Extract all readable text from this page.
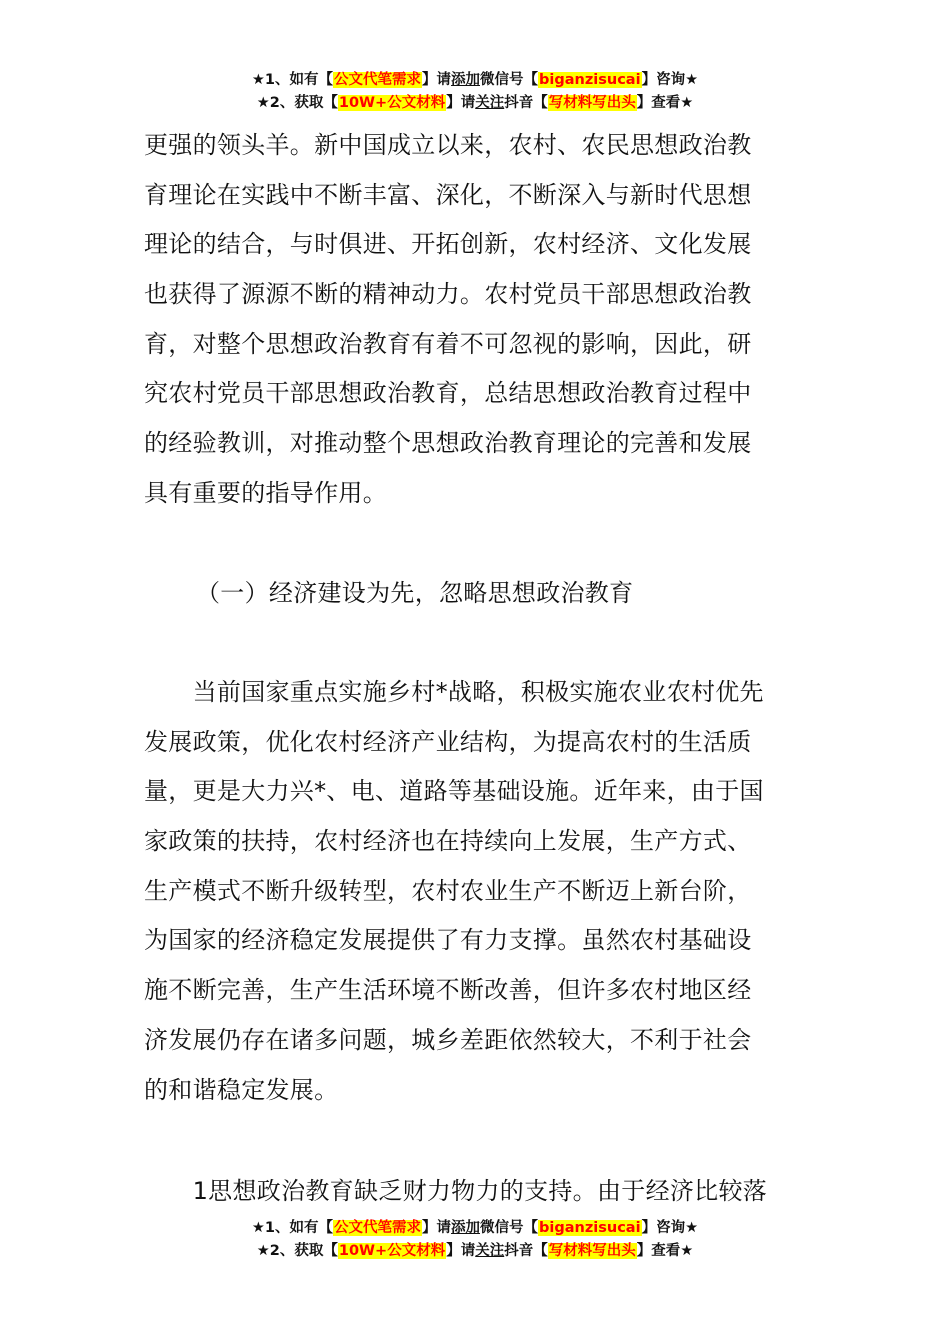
★1、如有【公文代笔需求】请添加微信号【biganzisucai】咨询★
★2、获取【10W+公文材料】请关注抖音【写材料写出头】查看★
更强的领头羊。新中国成立以来，农村、农民思想政治教
育理论在实践中不断丰富、深化，不断深入与新时代思想
理论的结合，与时俱进、开拓创新，农村经济、文化发展
也获得了源源不断的精神动力。农村党员干部思想政治教
育，对整个思想政治教育有着不可忽视的影响，因此，研
究农村党员干部思想政治教育，总结思想政治教育过程中
的经验教训，对推动整个思想政治教育理论的完善和发展
具有重要的指导作用。
（一）经济建设为先，忽略思想政治教育
　　当前国家重点实施乡村*战略，积极实施农业农村优先
发展政策，优化农村经济产业结构，为提高农村的生活质
量，更是大力兴*、电、道路等基础设施。近年来，由于国
家政策的扶持，农村经济也在持续向上发展，生产方式、
生产模式不断升级转型，农村农业生产不断迈上新台阶，
为国家的经济稳定发展提供了有力支撑。虽然农村基础设
施不断完善，生产生活环境不断改善，但许多农村地区经
济发展仍存在诸多问题，城乡差距依然较大，不利于社会
的和谐稳定发展。
　　1思想政治教育缺乏财力物力的支持。由于经济比较落
★1、如有【公文代笔需求】请添加微信号【biganzisucai】咨询★
★2、获取【10W+公文材料】请关注抖音【写材料写出头】查看★
